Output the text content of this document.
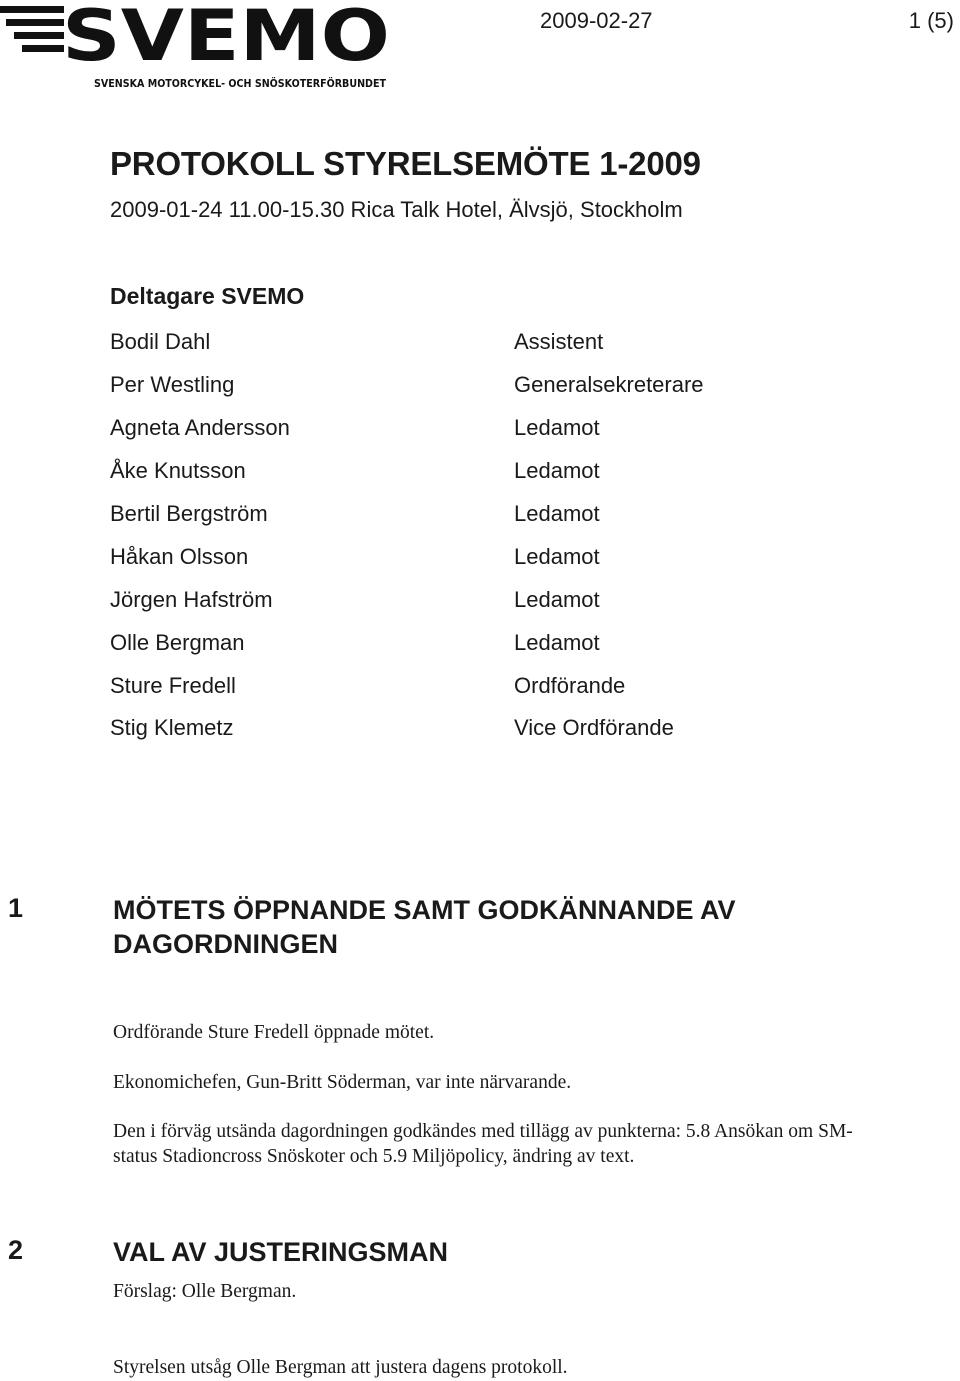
SVEMO
SVENSKA MOTORCYKEL- OCH SNÖSKOTERFÖRBUNDET
2009-02-27	1 (5)
PROTOKOLL STYRELSEMÖTE 1-2009
2009-01-24 11.00-15.30 Rica Talk Hotel, Älvsjö, Stockholm
Deltagare SVEMO
Bodil Dahl	Assistent
Per Westling	Generalsekreterare
Agneta Andersson	Ledamot
Åke Knutsson	Ledamot
Bertil Bergström	Ledamot
Håkan Olsson	Ledamot
Jörgen Hafström	Ledamot
Olle Bergman	Ledamot
Sture Fredell	Ordförande
Stig Klemetz	Vice Ordförande
1	MÖTETS ÖPPNANDE SAMT GODKÄNNANDE AV
DAGORDNINGEN
Ordförande Sture Fredell öppnade mötet.
Ekonomichefen, Gun-Britt Söderman, var inte närvarande.
Den i förväg utsända dagordningen godkändes med tillägg av punkterna: 5.8 Ansökan om SM-
status Stadioncross Snöskoter och 5.9 Miljöpolicy, ändring av text.
2	VAL AV JUSTERINGSMAN
Förslag: Olle Bergman.
Styrelsen utsåg Olle Bergman att justera dagens protokoll.
